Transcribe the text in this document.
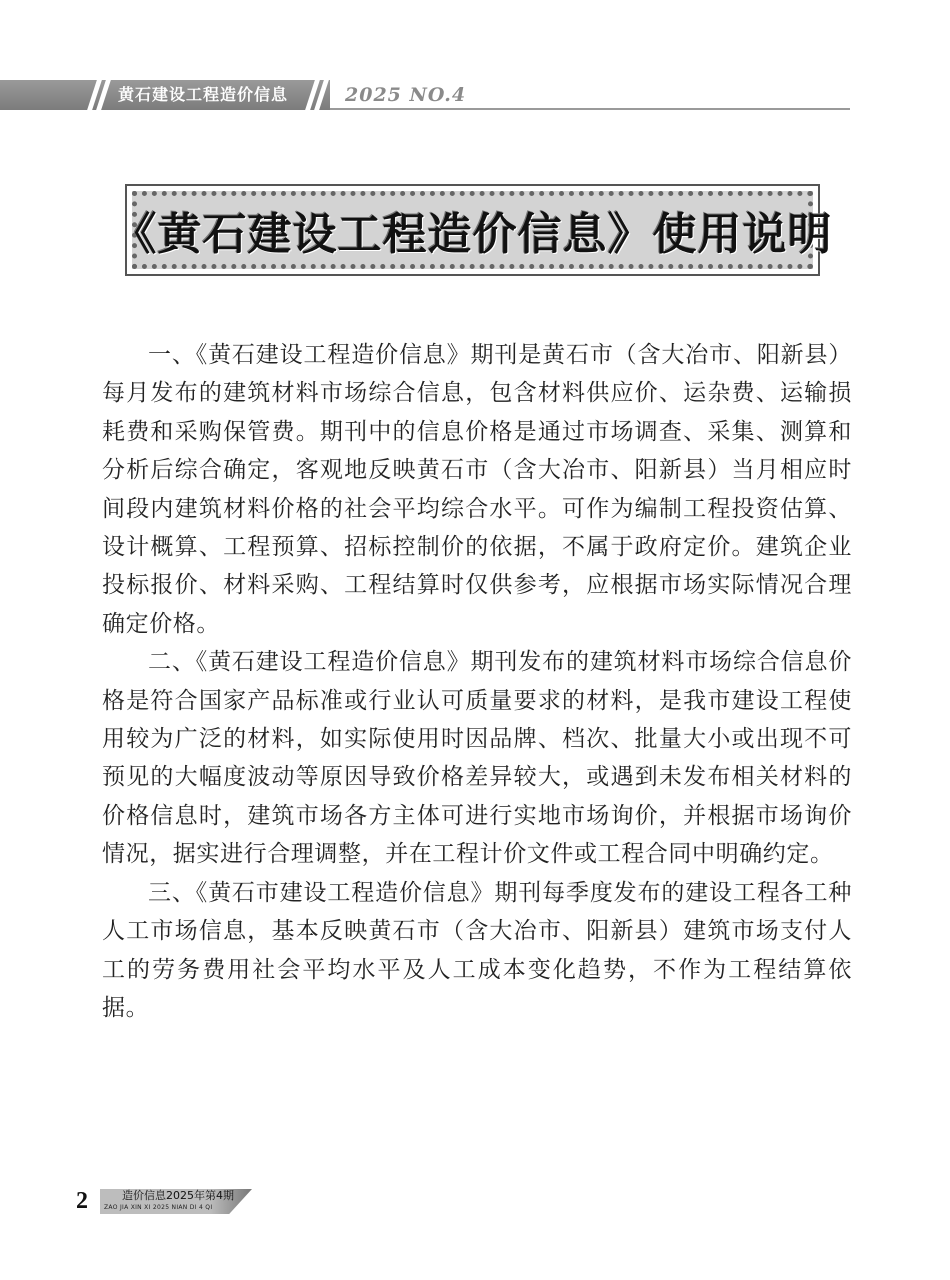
黄石建设工程造价信息	2025 NO.4
《黄石建设工程造价信息》使用说明

一、《黄石建设工程造价信息》期刊是黄石市（含大冶市、阳新县）每月发布的建筑材料市场综合信息，包含材料供应价、运杂费、运输损耗费和采购保管费。期刊中的信息价格是通过市场调查、采集、测算和分析后综合确定，客观地反映黄石市（含大冶市、阳新县）当月相应时间段内建筑材料价格的社会平均综合水平。可作为编制工程投资估算、设计概算、工程预算、招标控制价的依据，不属于政府定价。建筑企业投标报价、材料采购、工程结算时仅供参考，应根据市场实际情况合理确定价格。

二、《黄石建设工程造价信息》期刊发布的建筑材料市场综合信息价格是符合国家产品标准或行业认可质量要求的材料，是我市建设工程使用较为广泛的材料，如实际使用时因品牌、档次、批量大小或出现不可预见的大幅度波动等原因导致价格差异较大，或遇到未发布相关材料的价格信息时，建筑市场各方主体可进行实地市场询价，并根据市场询价情况，据实进行合理调整，并在工程计价文件或工程合同中明确约定。

三、《黄石市建设工程造价信息》期刊每季度发布的建设工程各工种人工市场信息，基本反映黄石市（含大冶市、阳新县）建筑市场支付人工的劳务费用社会平均水平及人工成本变化趋势，不作为工程结算依据。

2	造价信息2025年第4期
ZAO JIA XIN XI 2025 NIAN DI 4 QI
